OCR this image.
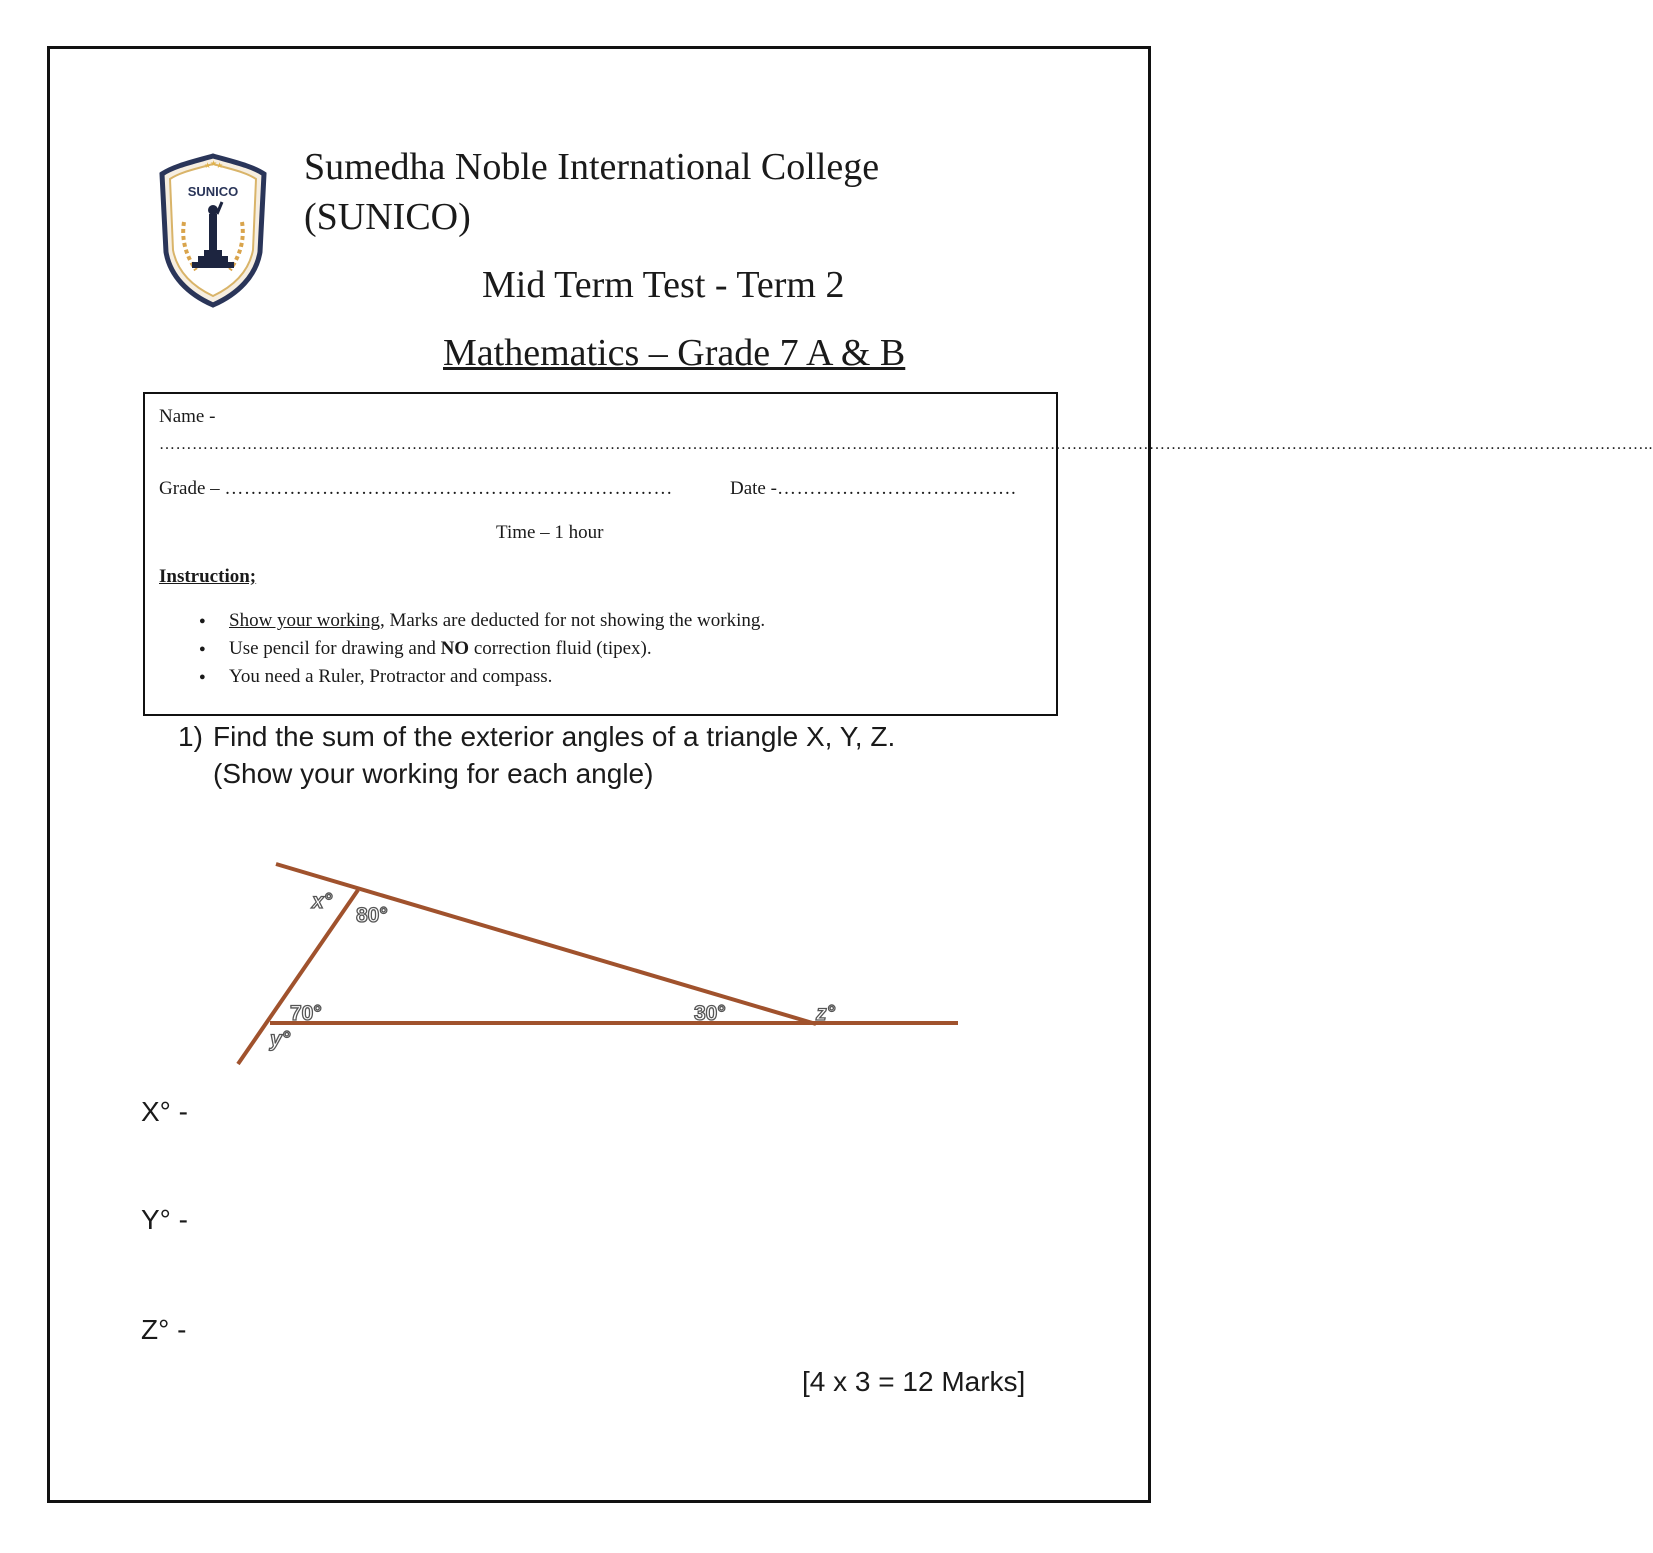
★
★
★
SUNICO
Sumedha Noble International College (SUNICO)
Mid Term Test - Term 2
Mathematics – Grade 7 A & B
Name -
………………………………………………………………………………………………………………………………………………………………………………………………………………………………………………..
Grade – ……………………………………………………………	Date -……………………………….
Time – 1 hour
Instruction;
● Show your working, Marks are deducted for not showing the working.
● Use pencil for drawing and NO correction fluid (tipex).
● You need a Ruler, Protractor and compass.
1) Find the sum of the exterior angles of a triangle X, Y, Z.
(Show your working for each angle)
80°
70°	30°
x°
y°
z°
X° -
Y° -
Z° -
[4 x 3 = 12 Marks]
